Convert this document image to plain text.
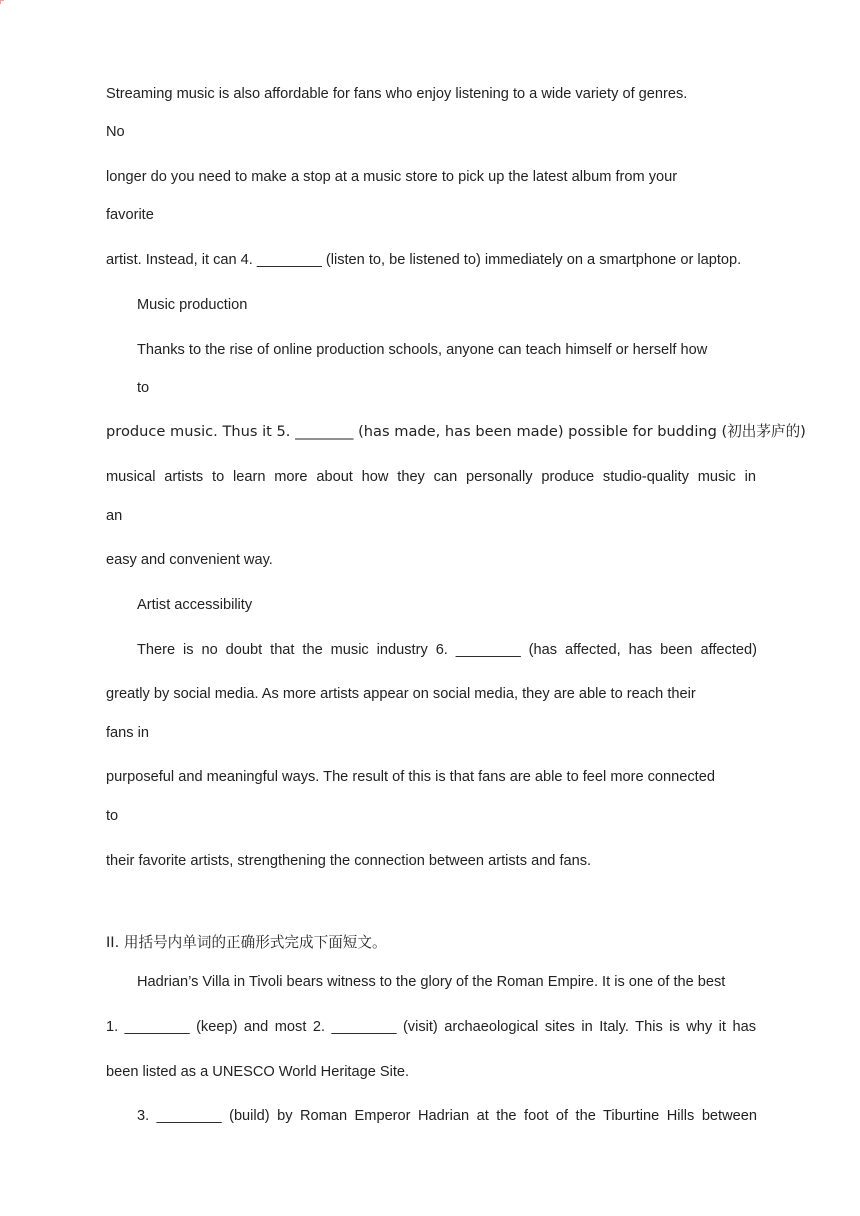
Streaming music is also affordable for fans who enjoy listening to a wide variety of genres.
No
longer do you need to make a stop at a music store to pick up the latest album from your
favorite
artist. Instead, it can 4. ________ (listen to, be listened to) immediately on a smartphone or laptop.
Music production
Thanks to the rise of online production schools, anyone can teach himself or herself how
to
produce music. Thus it 5. ________ (has made, has been made) possible for budding (初出茅庐的)
musical artists to learn more about how they can personally produce studio-quality music in
an
easy and convenient way.
Artist accessibility
There is no doubt that the music industry 6. ________ (has affected, has been affected)
greatly by social media. As more artists appear on social media, they are able to reach their
fans in
purposeful and meaningful ways. The result of this is that fans are able to feel more connected
to
their favorite artists, strengthening the connection between artists and fans.
II. 用括号内单词的正确形式完成下面短文。
Hadrian’s Villa in Tivoli bears witness to the glory of the Roman Empire. It is one of the best
1. ________ (keep) and most 2. ________ (visit) archaeological sites in Italy. This is why it has
been listed as a UNESCO World Heritage Site.
3. ________ (build) by Roman Emperor Hadrian at the foot of the Tiburtine Hills between
